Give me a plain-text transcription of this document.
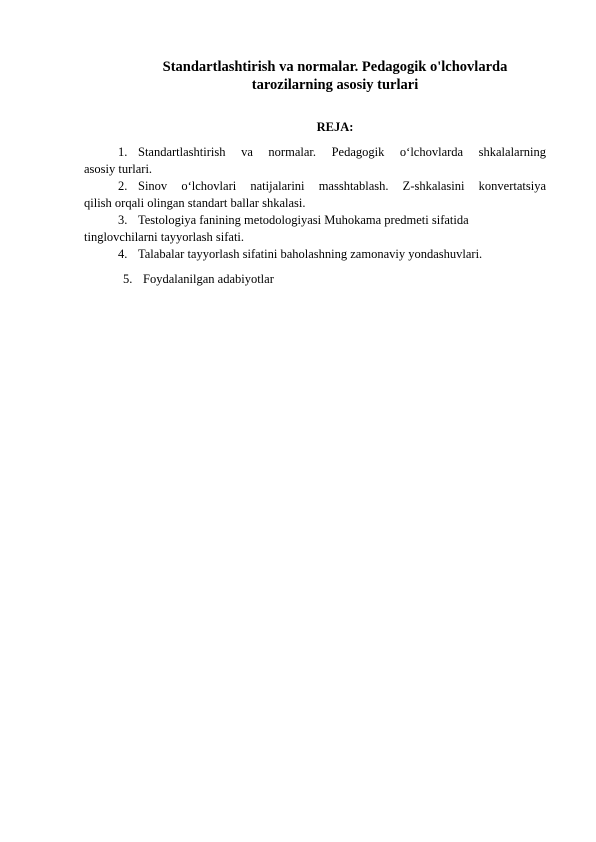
Standartlashtirish va normalar. Pedagogik o'lchovlarda

tarozilarning asosiy turlari

REJA:

1. Standartlashtirish va normalar. Pedagogik o‘lchovlarda shkalalarning
asosiy turlari.
2. Sinov o‘lchovlari natijalarini masshtablash. Z-shkalasini konvertatsiya
qilish orqali olingan standart ballar shkalasi.
3. Testologiya fanining metodologiyasi Muhokama predmeti sifatida
tinglovchilarni tayyorlash sifati.
4. Talabalar tayyorlash sifatini baholashning zamonaviy yondashuvlari.
5. Foydalanilgan adabiyotlar
